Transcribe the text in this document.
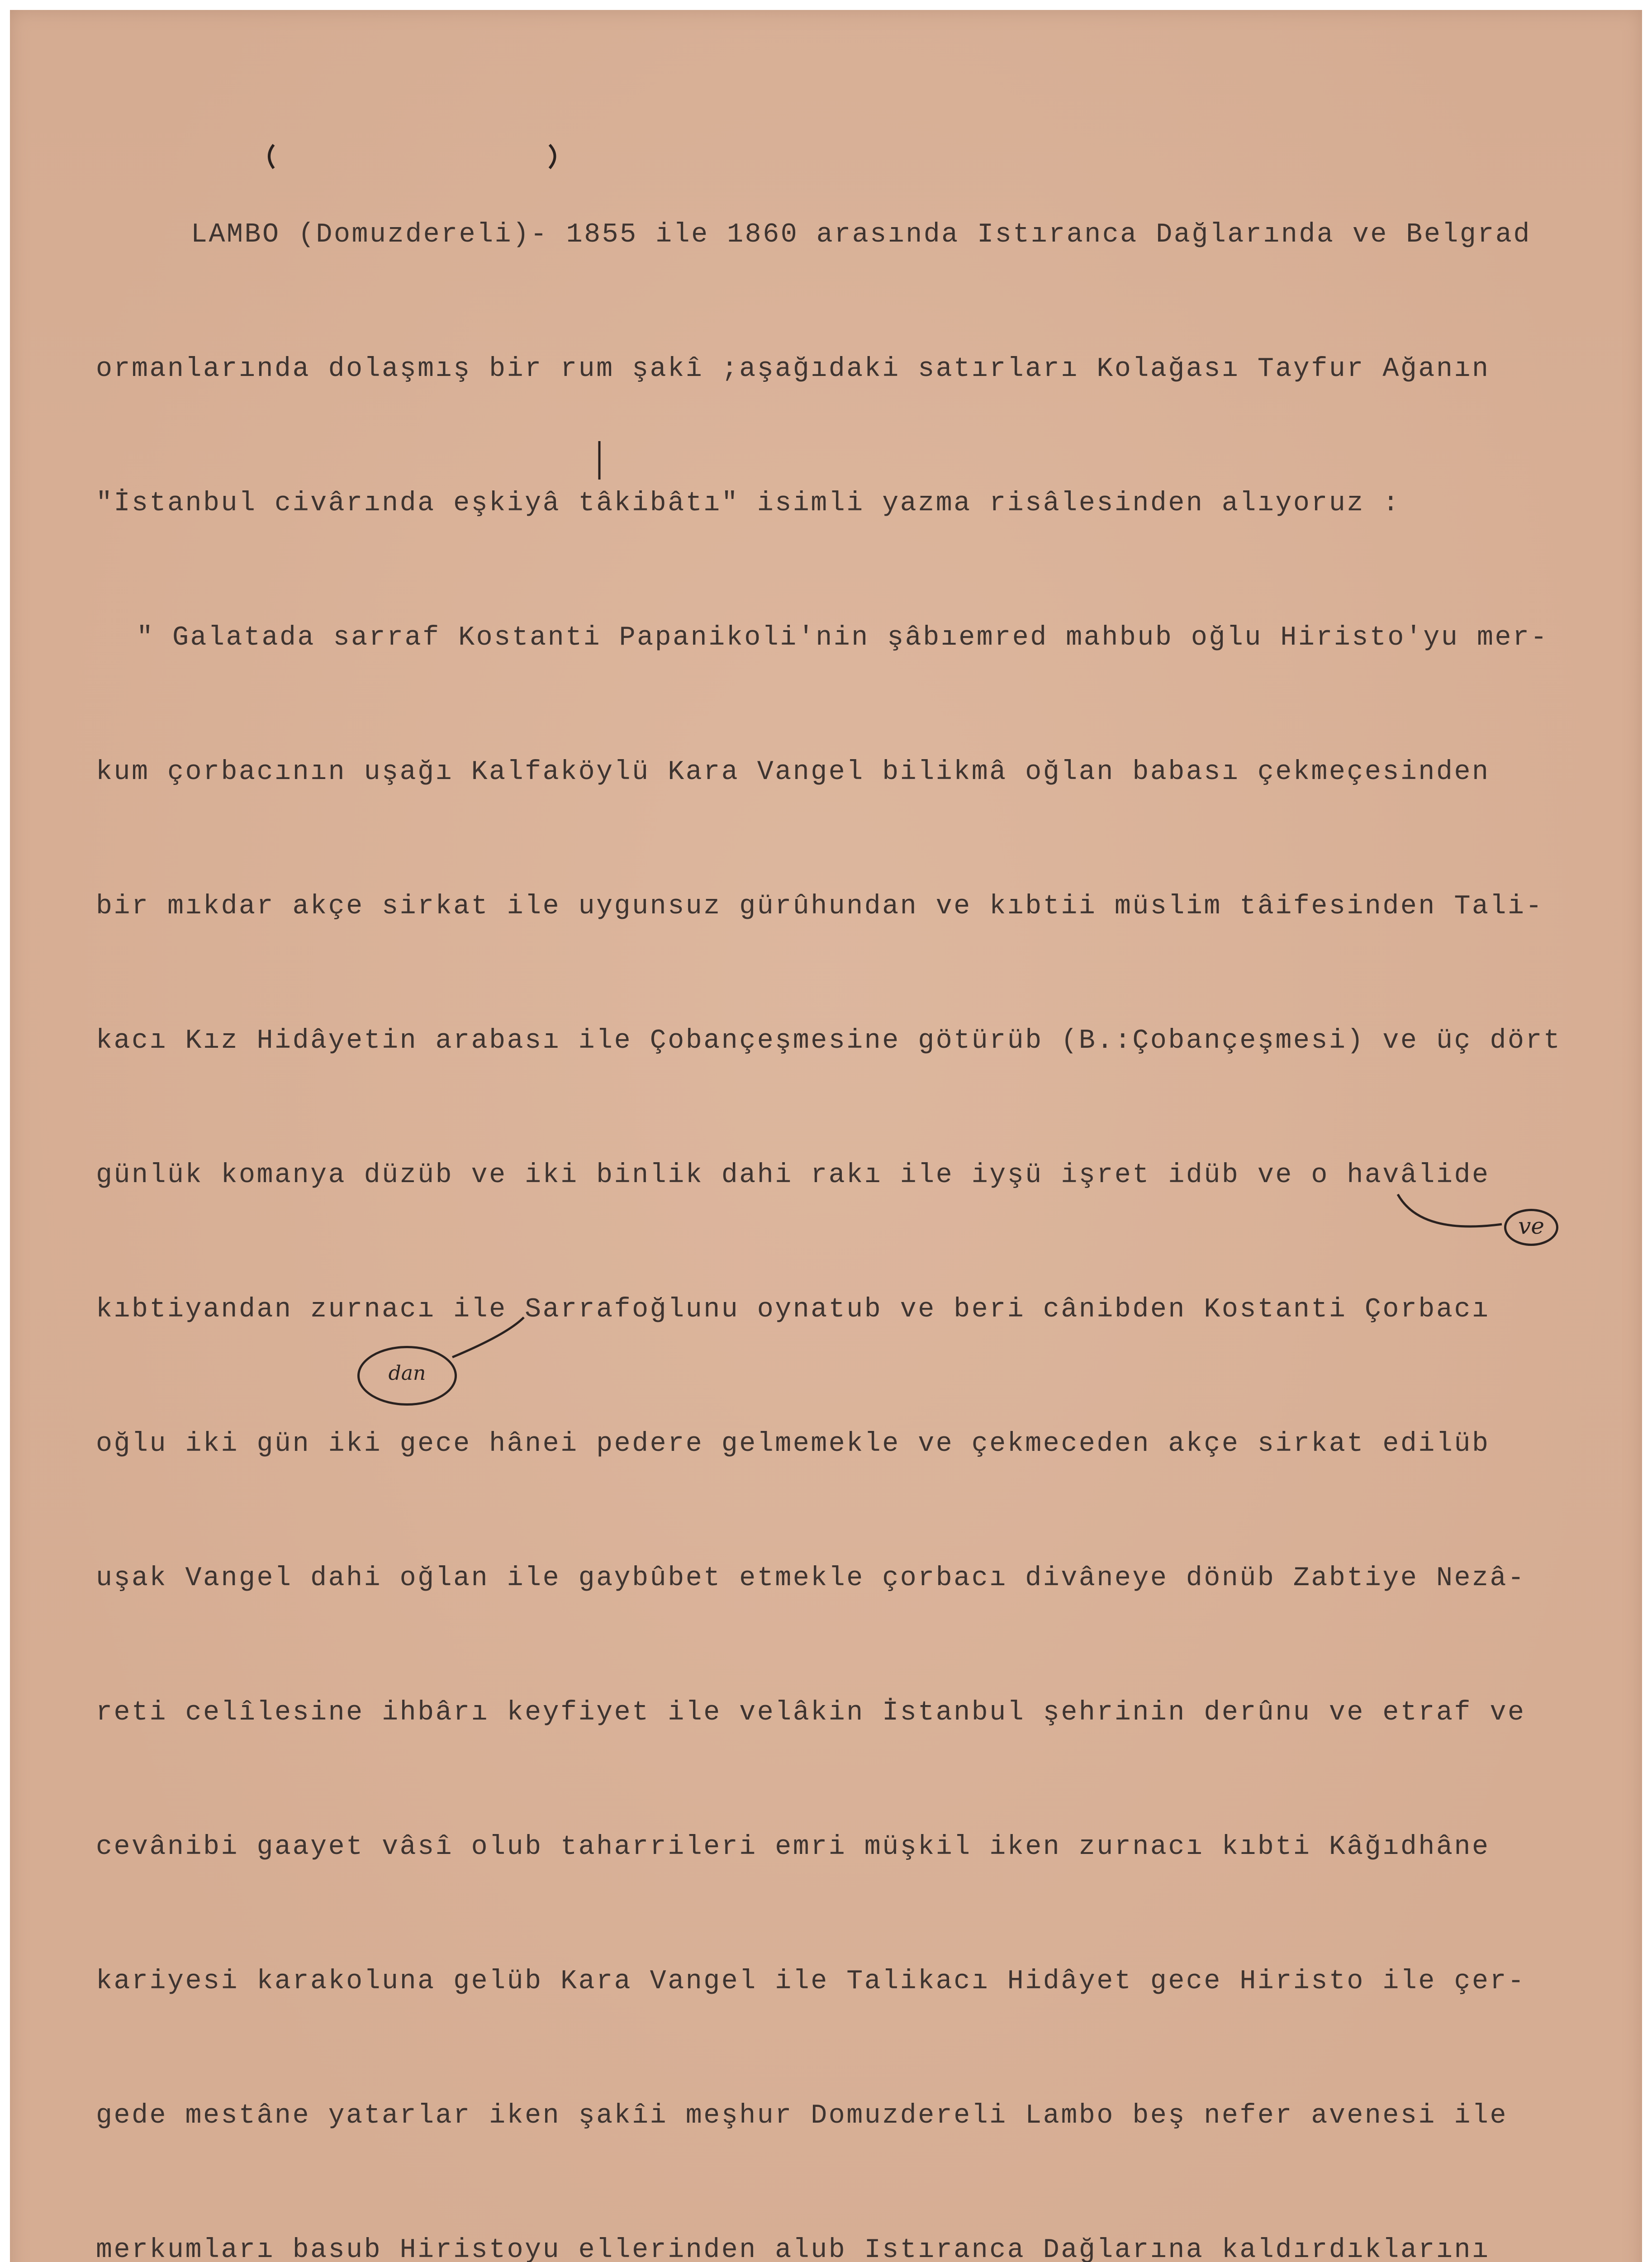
LAMBO (Domuzdereli)- 1855 ile 1860 arasında Istıranca Dağlarında ve Belgrad

ormanlarında dolaşmış bir rum şakî ;aşağıdaki satırları Kolağası Tayfur Ağanın

"İstanbul civârında eşkiyâ tâkibâtı" isimli yazma risâlesinden alıyoruz :

" Galatada sarraf Kostanti Papanikoli'nin şâbıemred mahbub oğlu Hiristo'yu mer-

kum çorbacının uşağı Kalfaköylü Kara Vangel bilikmâ oğlan babası çekmeçesinden

bir mıkdar akçe sirkat ile uygunsuz gürûhundan ve kıbtii müslim tâifesinden Tali-

kacı Kız Hidâyetin arabası ile Çobançeşmesine götürüb (B.:Çobançeşmesi) ve üç dört

günlük komanya düzüb ve iki binlik dahi rakı ile iyşü işret idüb ve o havâlide

kıbtiyandan zurnacı ile Sarrafoğlunu oynatub ve beri cânibden Kostanti Çorbacı

oğlu iki gün iki gece hânei pedere gelmemekle ve çekmeceden akçe sirkat edilüb

uşak Vangel dahi oğlan ile gaybûbet etmekle çorbacı divâneye dönüb Zabtiye Nezâ-

reti celîlesine ihbârı keyfiyet ile velâkin İstanbul şehrinin derûnu ve etraf ve

cevânibi gaayet vâsî olub taharrileri emri müşkil iken zurnacı kıbti Kâğıdhâne

kariyesi karakoluna gelüb Kara Vangel ile Talikacı Hidâyet gece Hiristo ile çer-

gede mestâne yatarlar iken şakîi meşhur Domuzdereli Lambo beş nefer avenesi ile

merkumları basub Hiristoyu ellerinden alub Istıranca Dağlarına kaldırdıklarını

ve
dan
